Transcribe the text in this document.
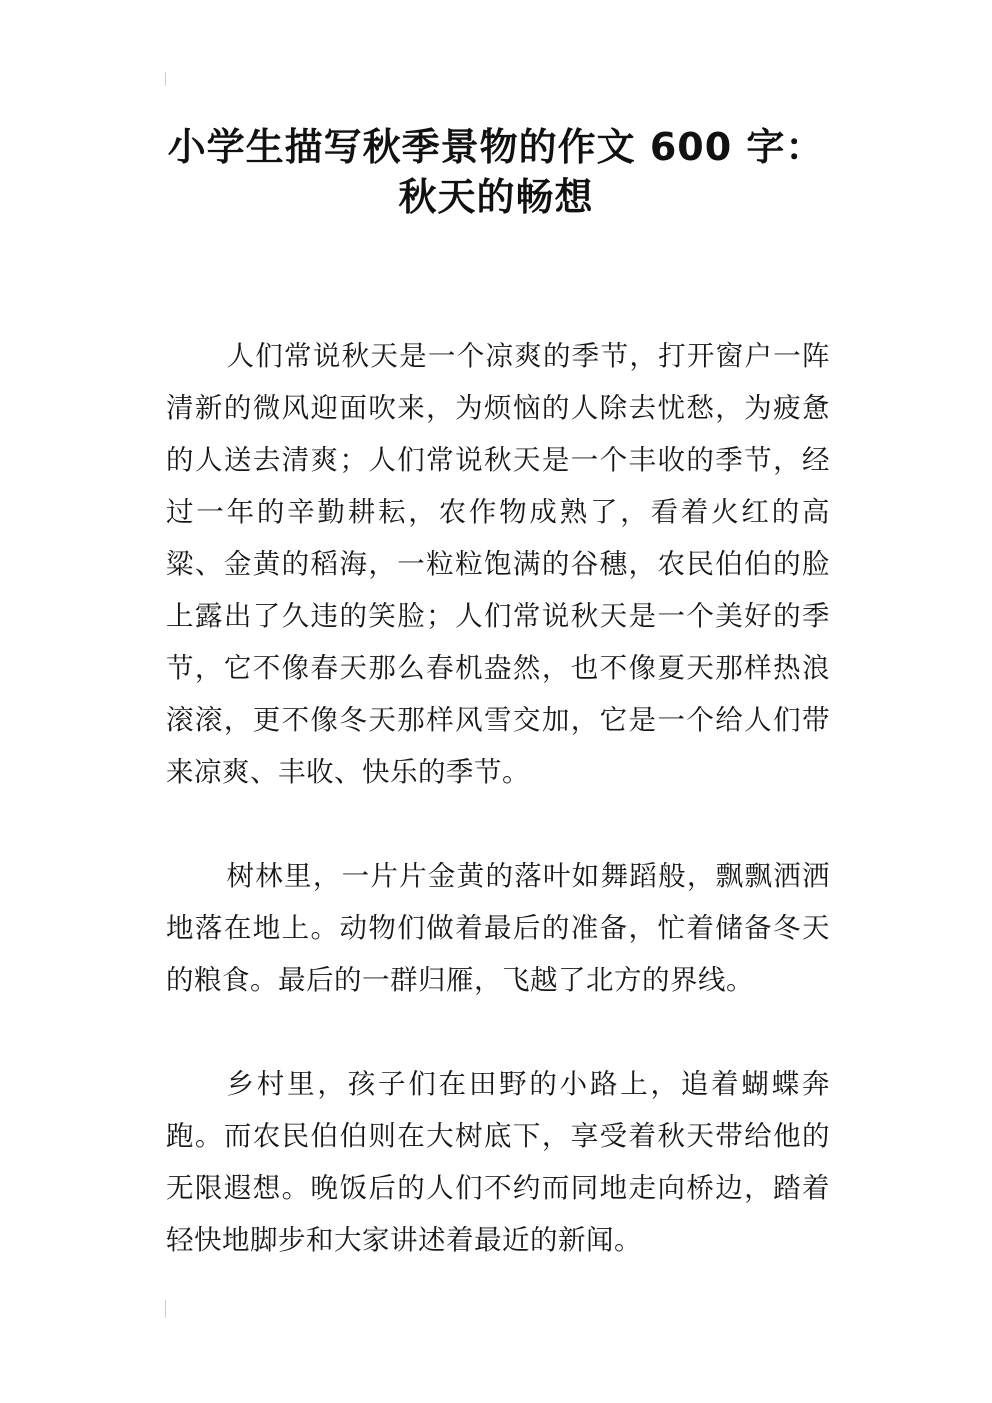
小学生描写秋季景物的作文 600 字：
秋天的畅想

人们常说秋天是一个凉爽的季节，打开窗户一阵清新的微风迎面吹来，为烦恼的人除去忧愁，为疲惫的人送去清爽；人们常说秋天是一个丰收的季节，经过一年的辛勤耕耘，农作物成熟了，看着火红的高粱、金黄的稻海，一粒粒饱满的谷穗，农民伯伯的脸上露出了久违的笑脸；人们常说秋天是一个美好的季节，它不像春天那么春机盎然，也不像夏天那样热浪滚滚，更不像冬天那样风雪交加，它是一个给人们带来凉爽、丰收、快乐的季节。

树林里，一片片金黄的落叶如舞蹈般，飘飘洒洒地落在地上。动物们做着最后的准备，忙着储备冬天的粮食。最后的一群归雁，飞越了北方的界线。

乡村里，孩子们在田野的小路上，追着蝴蝶奔跑。而农民伯伯则在大树底下，享受着秋天带给他的无限遐想。晚饭后的人们不约而同地走向桥边，踏着轻快地脚步和大家讲述着最近的新闻。
